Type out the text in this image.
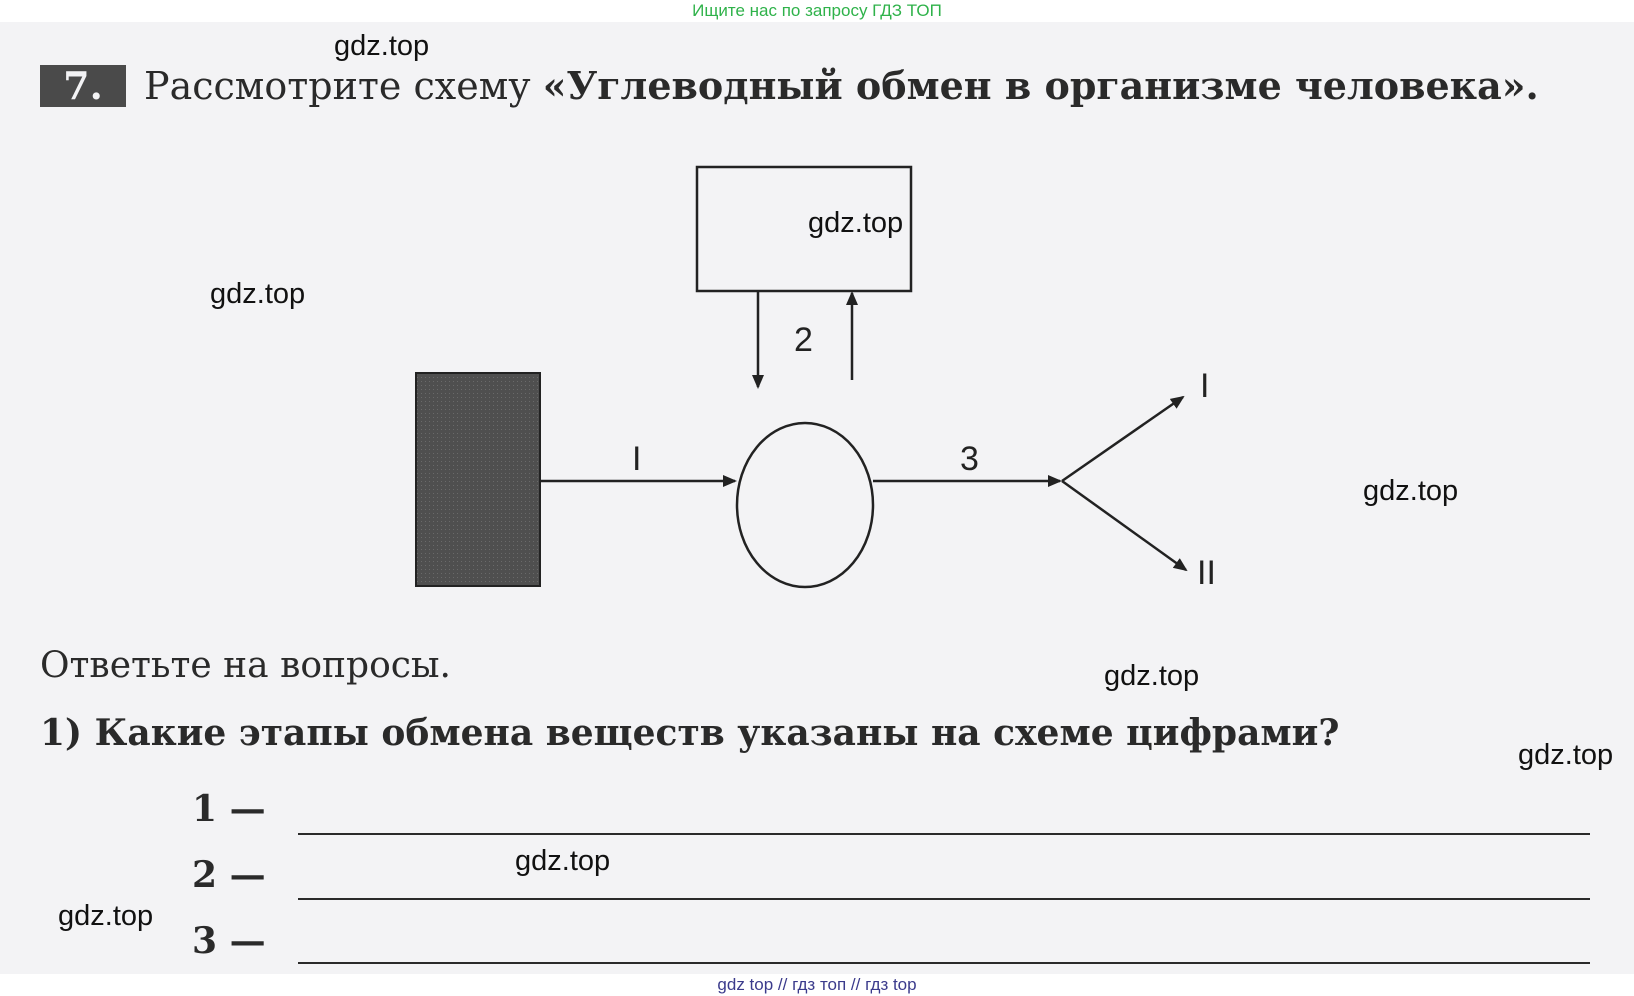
Ищите нас по запросу ГДЗ ТОП
7.	Рассмотрите схему «Углеводный обмен в организме человека».
I
2
3
I
II
Ответьте на вопросы.
1) Какие этапы обмена веществ указаны на схеме цифрами?
1 —
2 —
3 —
gdz.top
gdz.top
gdz.top
gdz.top
gdz.top
gdz.top
gdz.top
gdz.top
gdz top // гдз топ // гдз top
